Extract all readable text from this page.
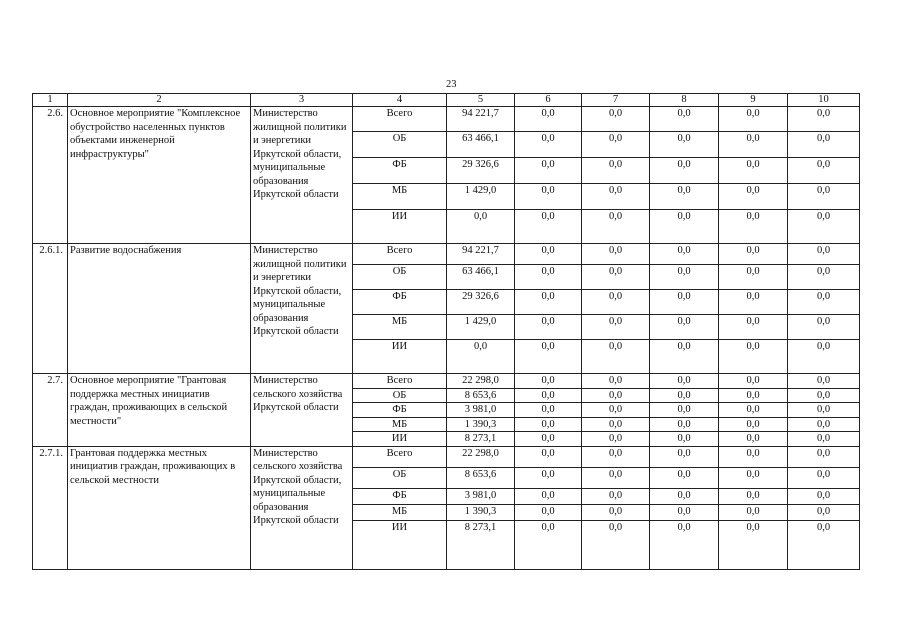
23
1	2	3	4	5	6	7	8	9	10
2.6.	Основное мероприятие "Комплексное обустройство населенных пунктов объектами инженерной инфраструктуры"	Министерство жилищной политики и энергетики Иркутской области, муниципальные образования Иркутской области	Всего	94 221,7	0,0	0,0	0,0	0,0	0,0
			ОБ	63 466,1	0,0	0,0	0,0	0,0	0,0
			ФБ	29 326,6	0,0	0,0	0,0	0,0	0,0
			МБ	1 429,0	0,0	0,0	0,0	0,0	0,0
			ИИ	0,0	0,0	0,0	0,0	0,0	0,0
2.6.1.	Развитие водоснабжения	Министерство жилищной политики и энергетики Иркутской области, муниципальные образования Иркутской области	Всего	94 221,7	0,0	0,0	0,0	0,0	0,0
			ОБ	63 466,1	0,0	0,0	0,0	0,0	0,0
			ФБ	29 326,6	0,0	0,0	0,0	0,0	0,0
			МБ	1 429,0	0,0	0,0	0,0	0,0	0,0
			ИИ	0,0	0,0	0,0	0,0	0,0	0,0
2.7.	Основное мероприятие "Грантовая поддержка местных инициатив граждан, проживающих в сельской местности"	Министерство сельского хозяйства Иркутской области	Всего	22 298,0	0,0	0,0	0,0	0,0	0,0
			ОБ	8 653,6	0,0	0,0	0,0	0,0	0,0
			ФБ	3 981,0	0,0	0,0	0,0	0,0	0,0
			МБ	1 390,3	0,0	0,0	0,0	0,0	0,0
			ИИ	8 273,1	0,0	0,0	0,0	0,0	0,0
2.7.1.	Грантовая поддержка местных инициатив граждан, проживающих в сельской местности	Министерство сельского хозяйства Иркутской области, муниципальные образования Иркутской области	Всего	22 298,0	0,0	0,0	0,0	0,0	0,0
			ОБ	8 653,6	0,0	0,0	0,0	0,0	0,0
			ФБ	3 981,0	0,0	0,0	0,0	0,0	0,0
			МБ	1 390,3	0,0	0,0	0,0	0,0	0,0
			ИИ	8 273,1	0,0	0,0	0,0	0,0	0,0
